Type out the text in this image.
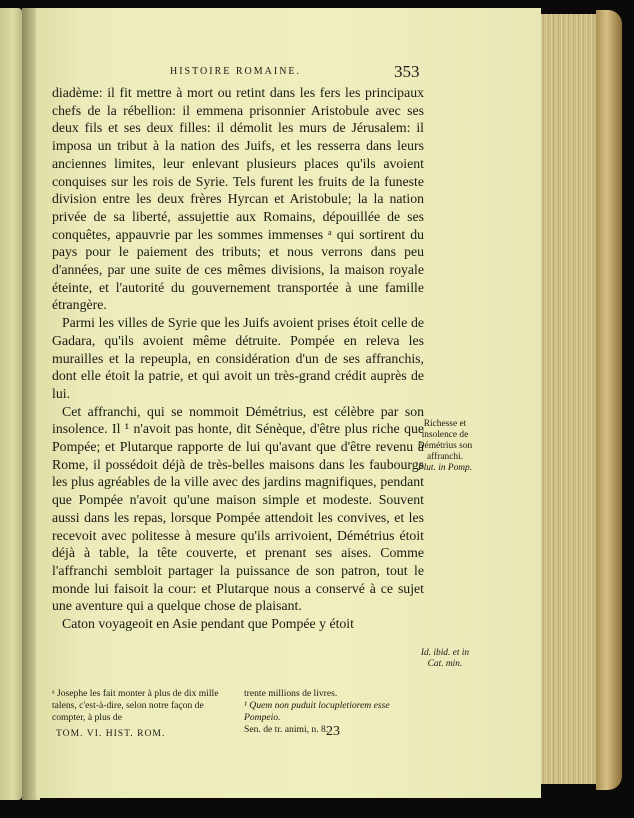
HISTOIRE ROMAINE.	353

diadème: il fit mettre à mort ou retint dans les fers les principaux chefs de la rébellion: il emmena prisonnier Aristobule avec ses deux fils et ses deux filles: il démolit les murs de Jérusalem: il imposa un tribut à la nation des Juifs, et les resserra dans leurs anciennes limites, leur enlevant plusieurs places qu'ils avoient conquises sur les rois de Syrie. Tels furent les fruits de la funeste division entre les deux frères Hyrcan et Aristobule; la la nation privée de sa liberté, assujettie aux Romains, dépouillée de ses conquêtes, appauvrie par les sommes immenses ᵃ qui sortirent du pays pour le paiement des tributs; et nous verrons dans peu d'années, par une suite de ces mêmes divisions, la maison royale éteinte, et l'autorité du gouvernement transportée à une famille étrangère.

Parmi les villes de Syrie que les Juifs avoient prises étoit celle de Gadara, qu'ils avoient même détruite. Pompée en releva les murailles et la repeupla, en considération d'un de ses affranchis, dont elle étoit la patrie, et qui avoit un très-grand crédit auprès de lui.

Cet affranchi, qui se nommoit Démétrius, est célèbre par son insolence. Il ¹ n'avoit pas honte, dit Sénèque, d'être plus riche que Pompée; et Plutarque rapporte de lui qu'avant que d'être revenu à Rome, il possédoit déjà de très-belles maisons dans les faubourgs les plus agréables de la ville avec des jardins magnifiques, pendant que Pompée n'avoit qu'une maison simple et modeste. Souvent aussi dans les repas, lorsque Pompée attendoit les convives, et les recevoit avec politesse à mesure qu'ils arrivoient, Démétrius étoit déjà à table, la tête couverte, et prenant ses aises. Comme l'affranchi sembloit partager la puissance de son patron, tout le monde lui faisoit la cour: et Plutarque nous a conservé à ce sujet une aventure qui a quelque chose de plaisant.

Caton voyageoit en Asie pendant que Pompée y étoit

Richesse et insolence de Démétrius son affranchi.
Plut. in Pomp.
Id. ibid. et in Cat. min.
ᵃ Josephe les fait monter à plus de dix mille talens, c'est-à-dire, selon notre façon de compter, à plus de
trente millions de livres.
¹ Quem non puduit locupletiorem esse Pompeio.
Sen. de tr. animi, n. 8.
TOM. VI. HIST. ROM.	23
